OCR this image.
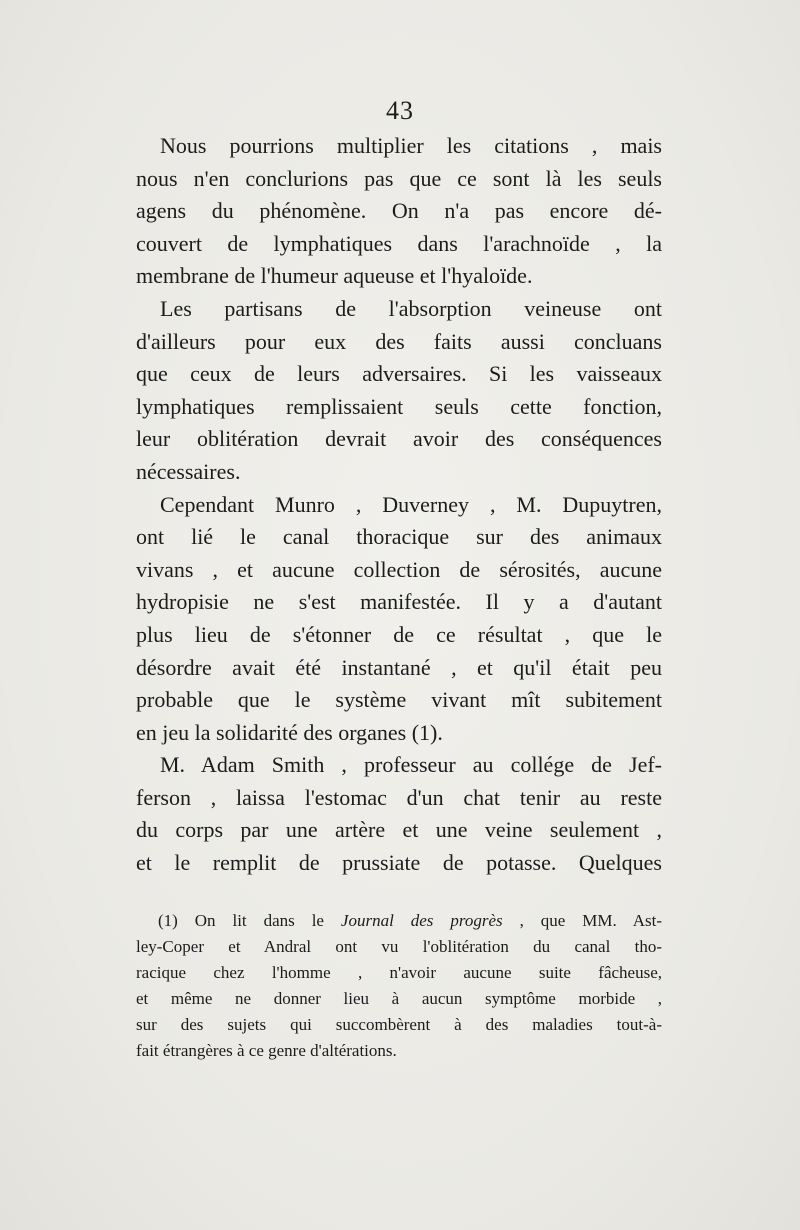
43
Nous pourrions multiplier les citations , mais
nous n'en conclurions pas que ce sont là les seuls
agens du phénomène. On n'a pas encore dé-
couvert de lymphatiques dans l'arachnoïde , la
membrane de l'humeur aqueuse et l'hyaloïde.
Les partisans de l'absorption veineuse ont
d'ailleurs pour eux des faits aussi concluans
que ceux de leurs adversaires. Si les vaisseaux
lymphatiques remplissaient seuls cette fonction,
leur oblitération devrait avoir des conséquences
nécessaires.
Cependant Munro , Duverney , M. Dupuytren,
ont lié le canal thoracique sur des animaux
vivans , et aucune collection de sérosités, aucune
hydropisie ne s'est manifestée. Il y a d'autant
plus lieu de s'étonner de ce résultat , que le
désordre avait été instantané , et qu'il était peu
probable que le système vivant mît subitement
en jeu la solidarité des organes (1).
M. Adam Smith , professeur au collége de Jef-
ferson , laissa l'estomac d'un chat tenir au reste
du corps par une artère et une veine seulement ,
et le remplit de prussiate de potasse. Quelques
(1) On lit dans le Journal des progrès , que MM. Ast-
ley-Coper et Andral ont vu l'oblitération du canal tho-
racique chez l'homme , n'avoir aucune suite fâcheuse,
et même ne donner lieu à aucun symptôme morbide ,
sur des sujets qui succombèrent à des maladies tout-à-
fait étrangères à ce genre d'altérations.
